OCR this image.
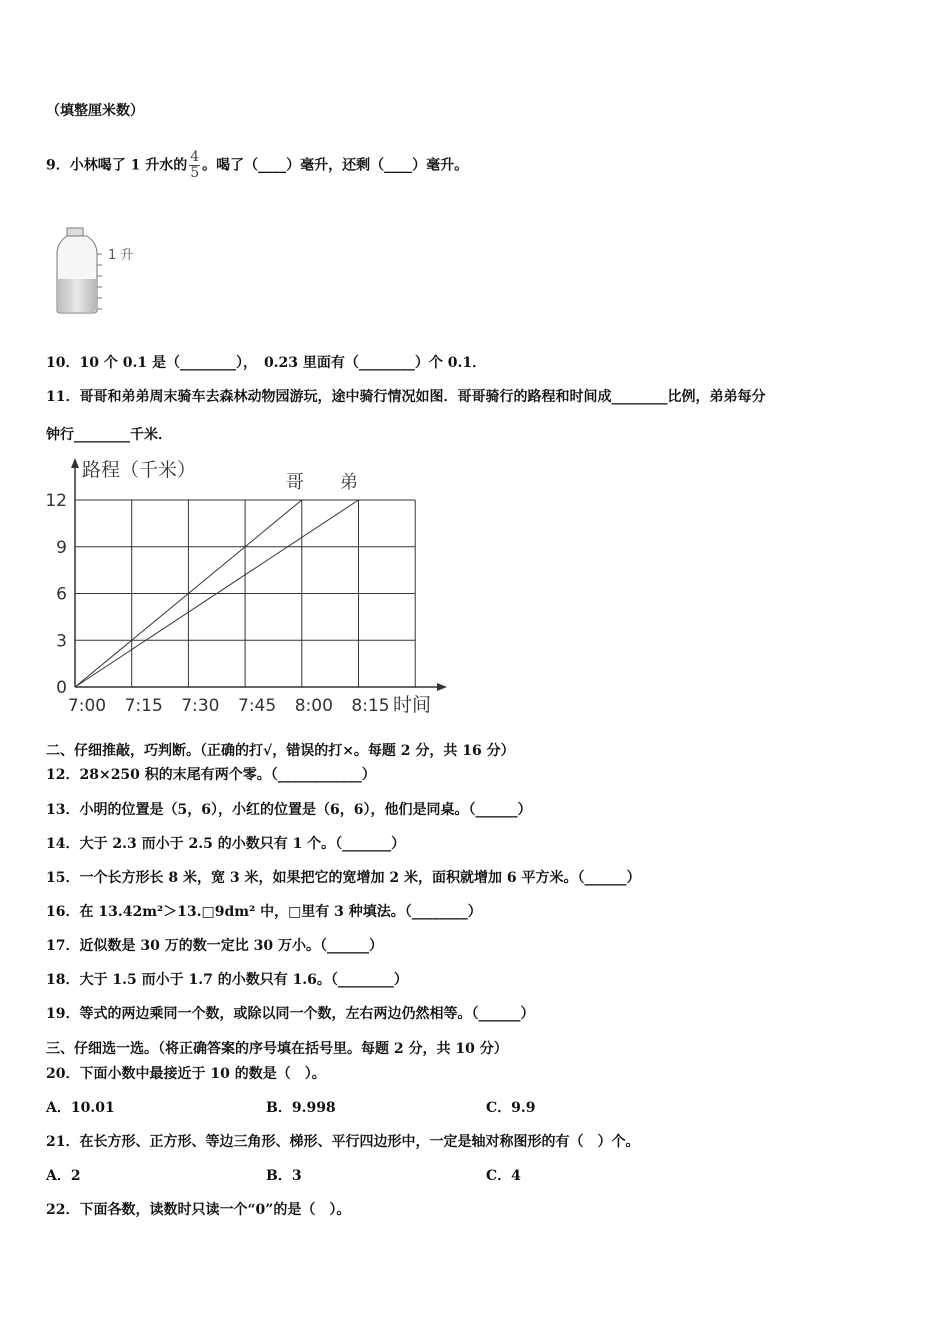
（填整厘米数）
9．小林喝了 1 升水的 $\frac{4}{5}$ 。喝了（____）毫升，还剩（____）毫升。
1 升
10．10 个 0.1 是（________），　0.23 里面有（________）个 0.1．
11．哥哥和弟弟周末骑车去森林动物园游玩，途中骑行情况如图．哥哥骑行的路程和时间成________比例，弟弟每分
钟行________千米．
路程（千米）
时间
哥 弟
0
3
6
9
12
7:00 7:15 7:30 7:45 8:00 8:15
二、仔细推敲，巧判断。（正确的打√，错误的打×。每题 2 分，共 16 分）
12．28×250 积的末尾有两个零。（____________）
13．小明的位置是（5，6），小红的位置是（6，6），他们是同桌。（______）
14．大于 2.3 而小于 2.5 的小数只有 1 个。（_______）
15．一个长方形长 8 米，宽 3 米，如果把它的宽增加 2 米，面积就增加 6 平方米。（______）
16．在 13.42m²＞13.□9dm² 中，□里有 3 种填法。（________）
17．近似数是 30 万的数一定比 30 万小。（______）
18．大于 1.5 而小于 1.7 的小数只有 1.6。（________）
19．等式的两边乘同一个数，或除以同一个数，左右两边仍然相等。（______）
三、仔细选一选。（将正确答案的序号填在括号里。每题 2 分，共 10 分）
20．下面小数中最接近于 10 的数是（　）。
A．10.01	B．9.998	C．9.9
21．在长方形、正方形、等边三角形、梯形、平行四边形中，一定是轴对称图形的有（　）个。
A．2	B．3	C．4
22．下面各数，读数时只读一个“0”的是（　）。
